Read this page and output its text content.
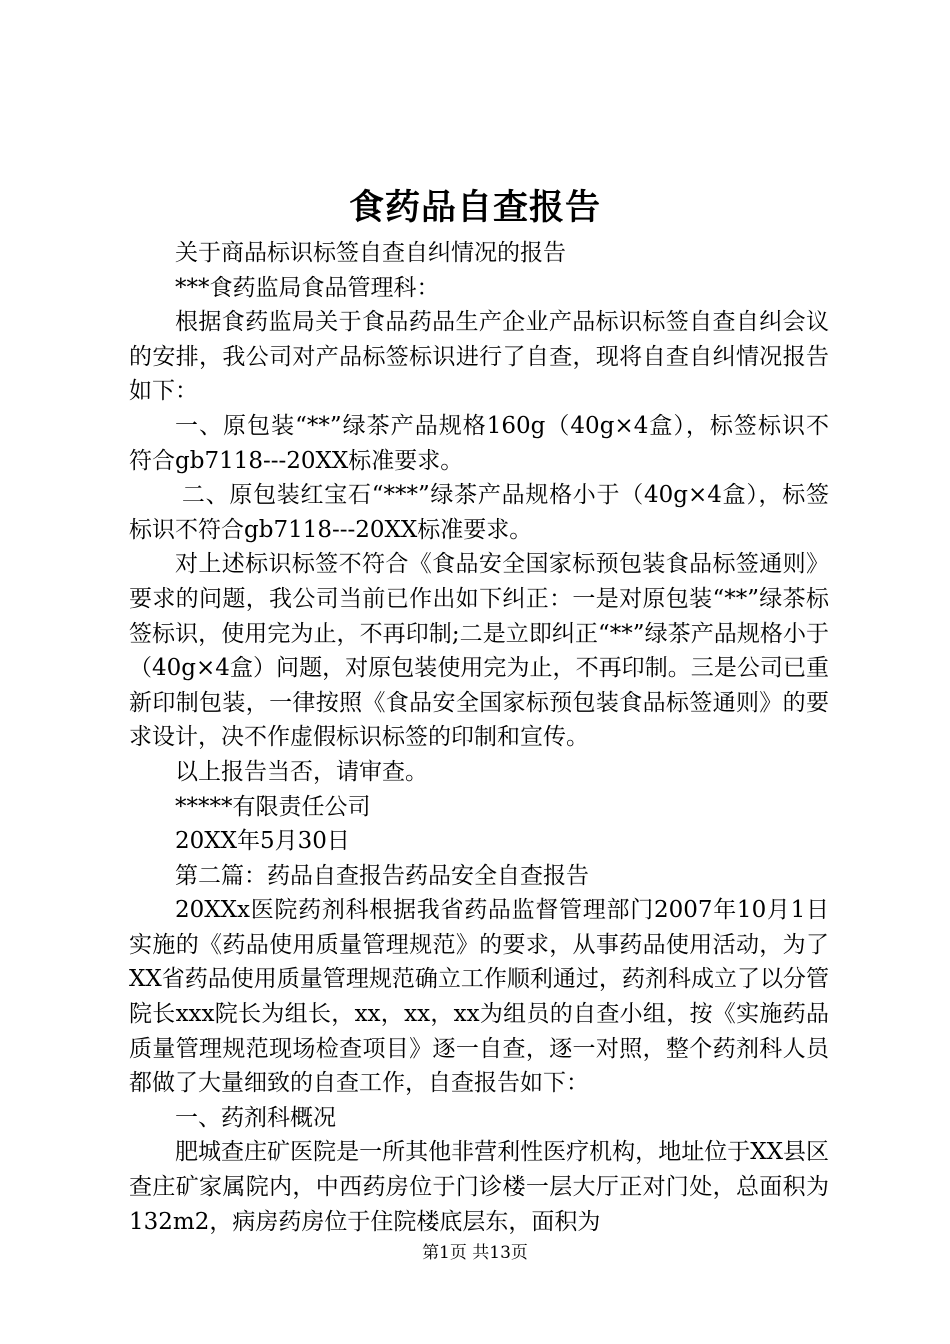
食药品自查报告

关于商品标识标签自查自纠情况的报告

***食药监局食品管理科：

根据食药监局关于食品药品生产企业产品标识标签自查自纠会议的安排，我公司对产品标签标识进行了自查，现将自查自纠情况报告如下：

一、原包装“**”绿茶产品规格160g（40g×4盒），标签标识不符合gb7118---20XX标准要求。

二、原包装红宝石“***”绿茶产品规格小于（40g×4盒），标签标识不符合gb7118---20XX标准要求。

对上述标识标签不符合《食品安全国家标预包装食品标签通则》要求的问题，我公司当前已作出如下纠正：一是对原包装“**”绿茶标签标识，使用完为止，不再印制;二是立即纠正“**”绿茶产品规格小于（40g×4盒）问题，对原包装使用完为止，不再印制。三是公司已重新印制包装，一律按照《食品安全国家标预包装食品标签通则》的要求设计，决不作虚假标识标签的印制和宣传。

以上报告当否，请审查。

*****有限责任公司

20XX年5月30日

第二篇：药品自查报告药品安全自查报告

20XXx医院药剂科根据我省药品监督管理部门2007年10月1日实施的《药品使用质量管理规范》的要求，从事药品使用活动，为了XX省药品使用质量管理规范确立工作顺利通过，药剂科成立了以分管院长xxx院长为组长，xx，xx，xx为组员的自查小组，按《实施药品质量管理规范现场检查项目》逐一自查，逐一对照，整个药剂科人员都做了大量细致的自查工作，自查报告如下：

一、药剂科概况

肥城查庄矿医院是一所其他非营利性医疗机构，地址位于XX县区查庄矿家属院内，中西药房位于门诊楼一层大厅正对门处，总面积为132m2，病房药房位于住院楼底层东，面积为

第1页 共13页
